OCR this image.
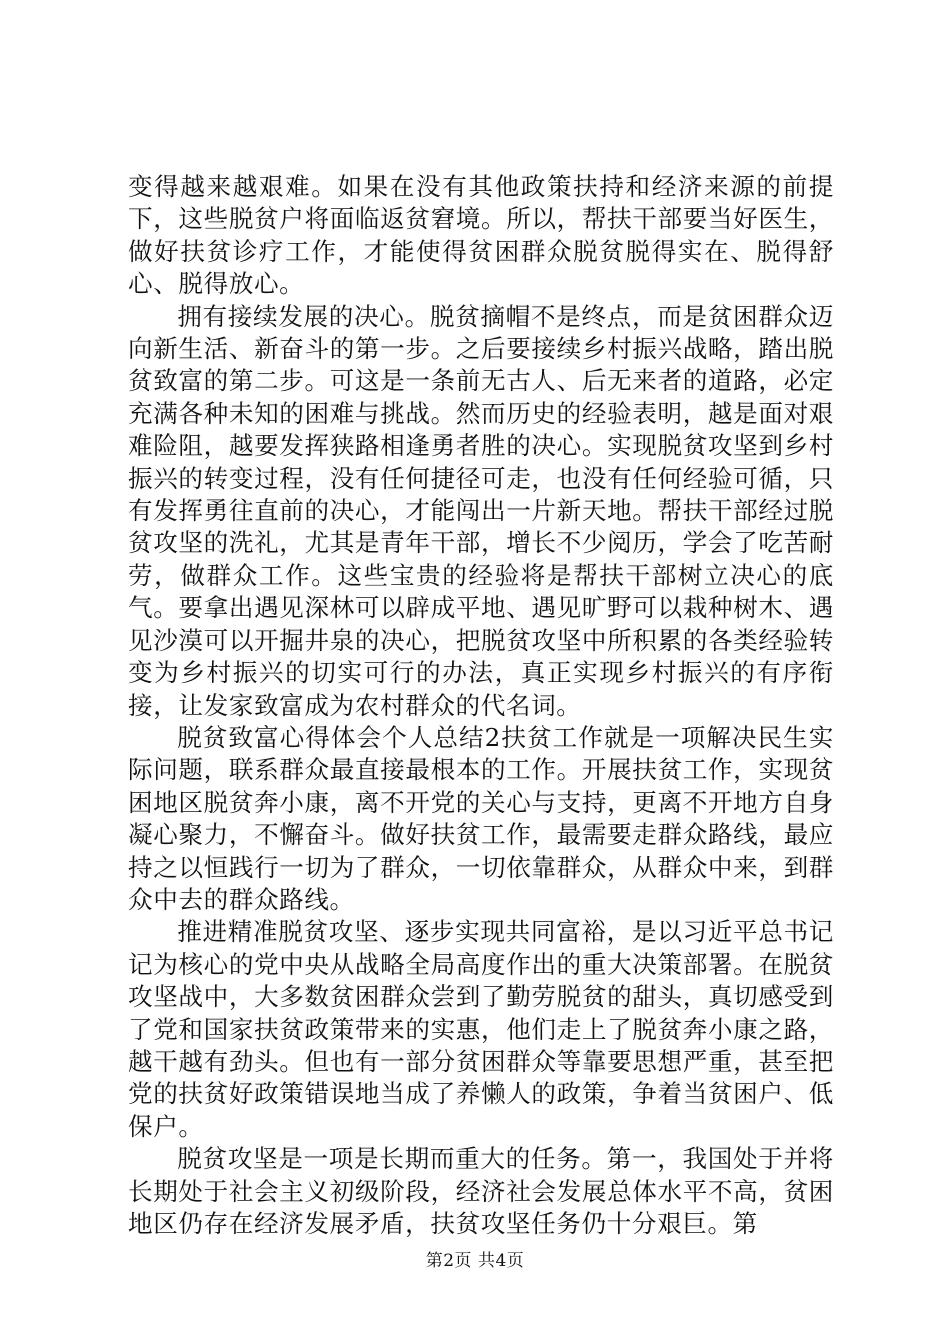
变得越来越艰难。如果在没有其他政策扶持和经济来源的前提下，这些脱贫户将面临返贫窘境。所以，帮扶干部要当好医生，做好扶贫诊疗工作，才能使得贫困群众脱贫脱得实在、脱得舒心、脱得放心。

拥有接续发展的决心。脱贫摘帽不是终点，而是贫困群众迈向新生活、新奋斗的第一步。之后要接续乡村振兴战略，踏出脱贫致富的第二步。可这是一条前无古人、后无来者的道路，必定充满各种未知的困难与挑战。然而历史的经验表明，越是面对艰难险阻，越要发挥狭路相逢勇者胜的决心。实现脱贫攻坚到乡村振兴的转变过程，没有任何捷径可走，也没有任何经验可循，只有发挥勇往直前的决心，才能闯出一片新天地。帮扶干部经过脱贫攻坚的洗礼，尤其是青年干部，增长不少阅历，学会了吃苦耐劳，做群众工作。这些宝贵的经验将是帮扶干部树立决心的底气。要拿出遇见深林可以辟成平地、遇见旷野可以栽种树木、遇见沙漠可以开掘井泉的决心，把脱贫攻坚中所积累的各类经验转变为乡村振兴的切实可行的办法，真正实现乡村振兴的有序衔接，让发家致富成为农村群众的代名词。

脱贫致富心得体会个人总结2扶贫工作就是一项解决民生实际问题，联系群众最直接最根本的工作。开展扶贫工作，实现贫困地区脱贫奔小康，离不开党的关心与支持，更离不开地方自身凝心聚力，不懈奋斗。做好扶贫工作，最需要走群众路线，最应持之以恒践行一切为了群众，一切依靠群众，从群众中来，到群众中去的群众路线。

推进精准脱贫攻坚、逐步实现共同富裕，是以习近平总书记记为核心的党中央从战略全局高度作出的重大决策部署。在脱贫攻坚战中，大多数贫困群众尝到了勤劳脱贫的甜头，真切感受到了党和国家扶贫政策带来的实惠，他们走上了脱贫奔小康之路，越干越有劲头。但也有一部分贫困群众等靠要思想严重，甚至把党的扶贫好政策错误地当成了养懒人的政策，争着当贫困户、低保户。

脱贫攻坚是一项是长期而重大的任务。第一，我国处于并将长期处于社会主义初级阶段，经济社会发展总体水平不高，贫困地区仍存在经济发展矛盾，扶贫攻坚任务仍十分艰巨。第

第2页 共4页
